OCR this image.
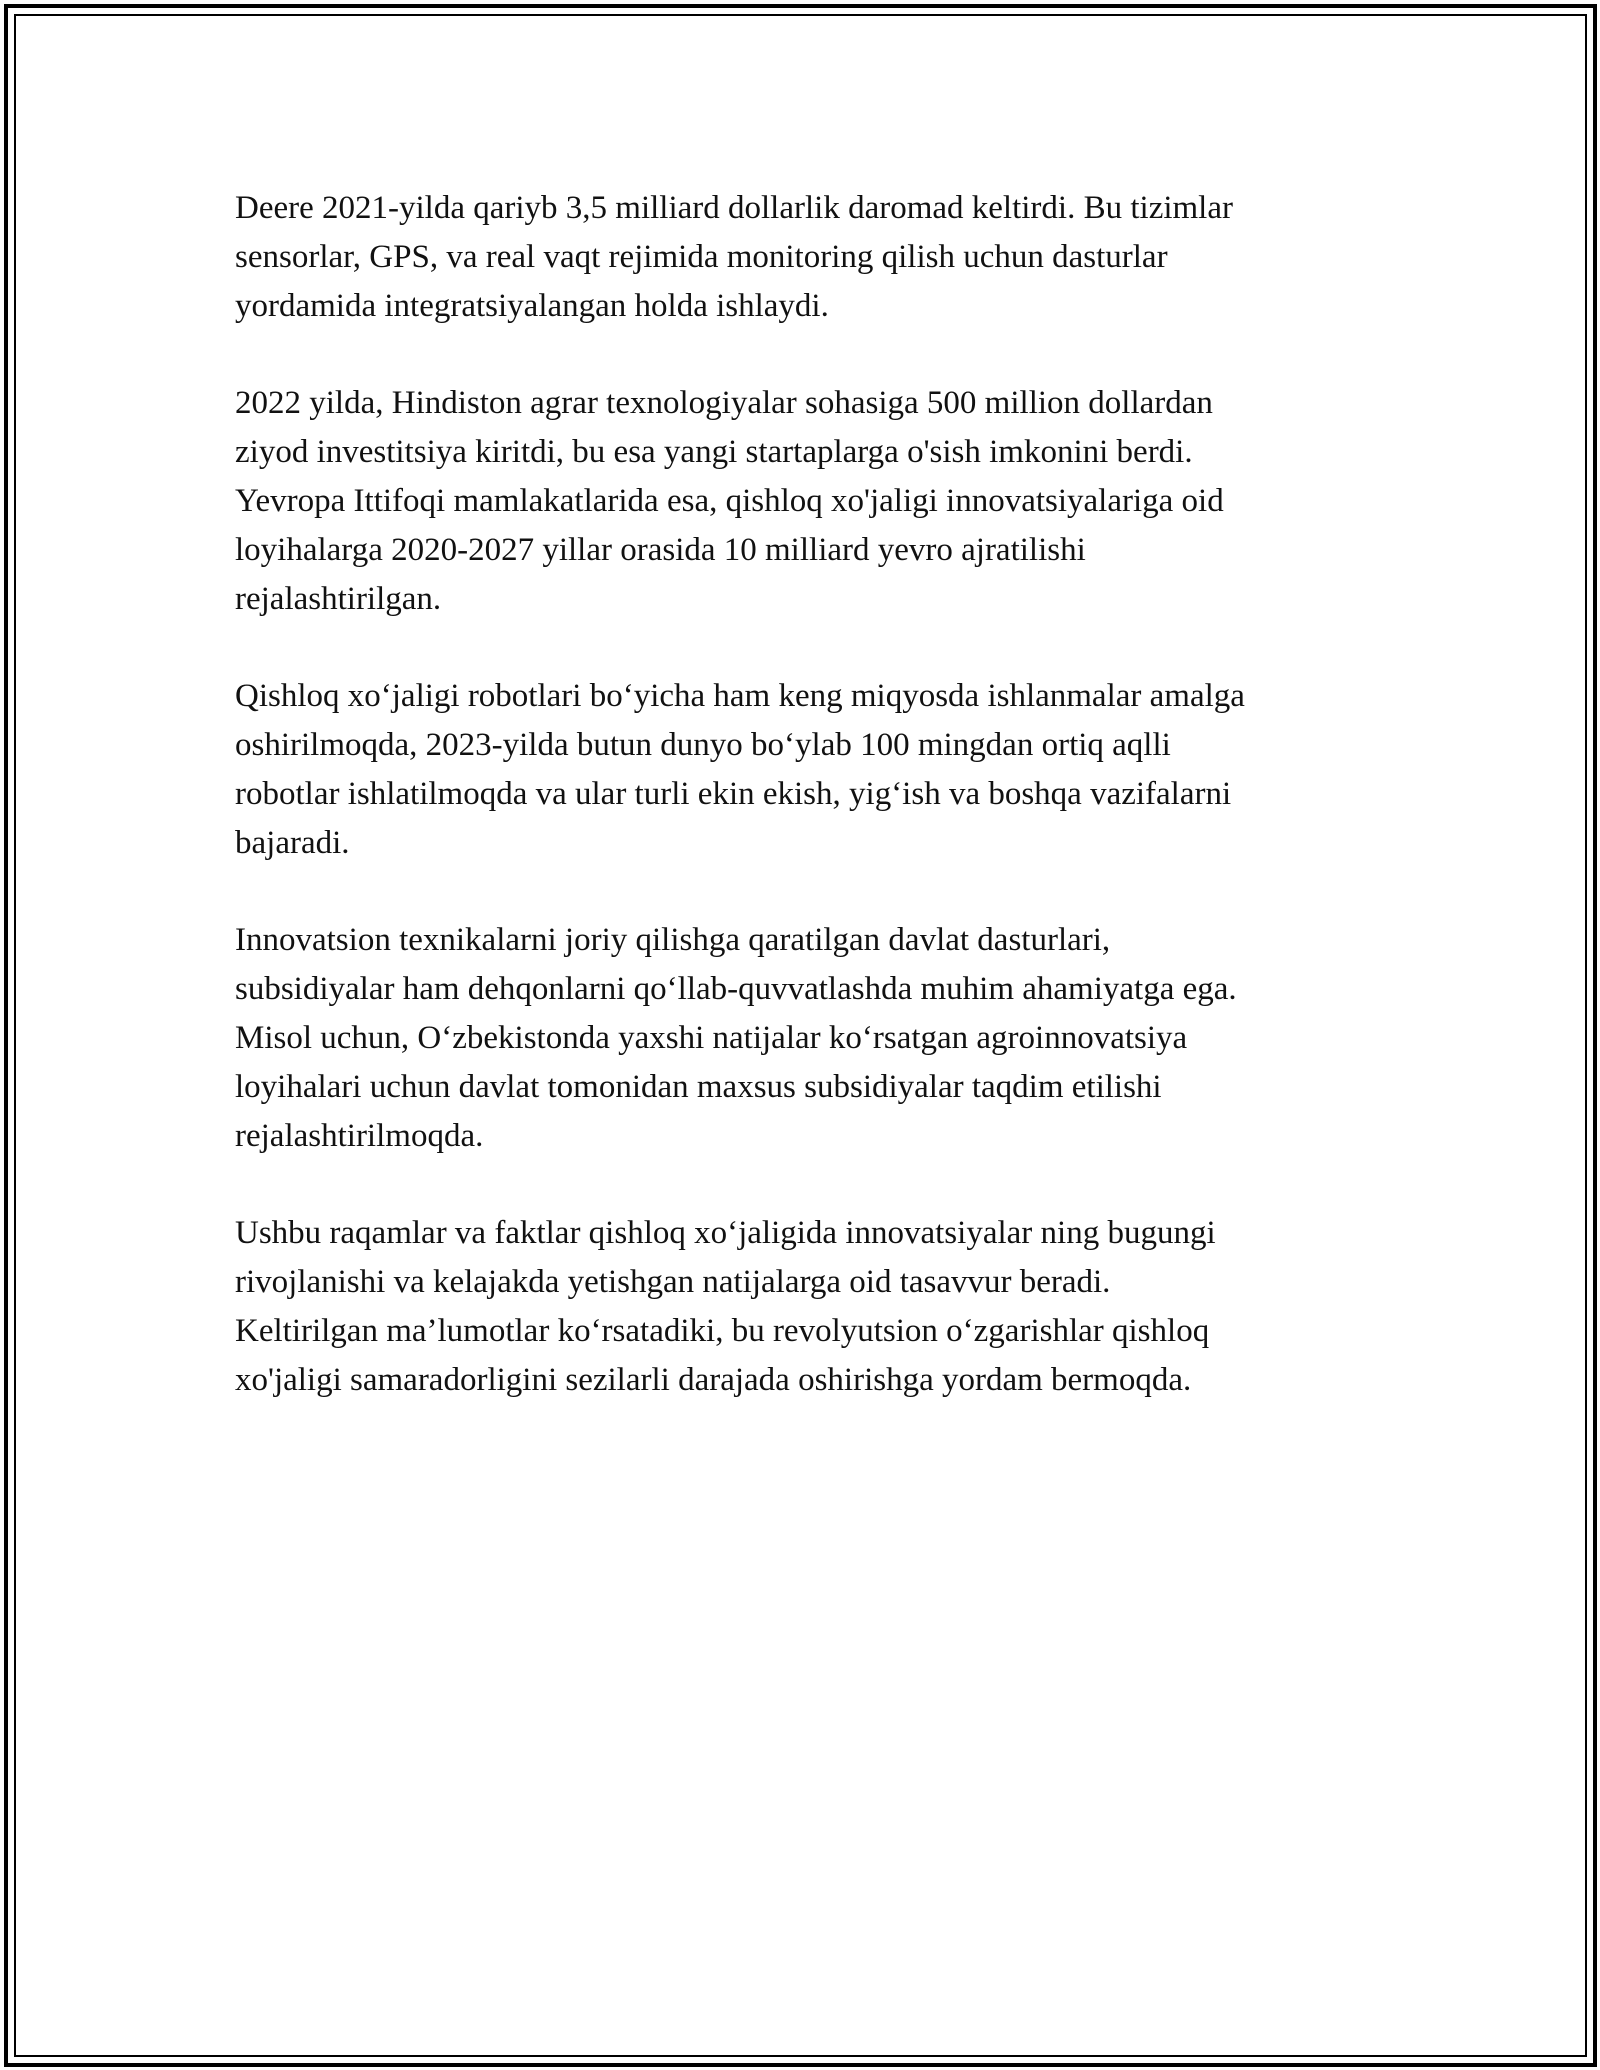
Deere 2021-yilda qariyb 3,5 milliard dollarlik daromad keltirdi. Bu tizimlar
sensorlar, GPS, va real vaqt rejimida monitoring qilish uchun dasturlar
yordamida integratsiyalangan holda ishlaydi.

2022 yilda, Hindiston agrar texnologiyalar sohasiga 500 million dollardan
ziyod investitsiya kiritdi, bu esa yangi startaplarga o'sish imkonini berdi.
Yevropa Ittifoqi mamlakatlarida esa, qishloq xo'jaligi innovatsiyalariga oid
loyihalarga 2020-2027 yillar orasida 10 milliard yevro ajratilishi
rejalashtirilgan.

Qishloq xo‘jaligi robotlari bo‘yicha ham keng miqyosda ishlanmalar amalga
oshirilmoqda, 2023-yilda butun dunyo bo‘ylab 100 mingdan ortiq aqlli
robotlar ishlatilmoqda va ular turli ekin ekish, yig‘ish va boshqa vazifalarni
bajaradi.

Innovatsion texnikalarni joriy qilishga qaratilgan davlat dasturlari,
subsidiyalar ham dehqonlarni qo‘llab-quvvatlashda muhim ahamiyatga ega.
Misol uchun, O‘zbekistonda yaxshi natijalar ko‘rsatgan agroinnovatsiya
loyihalari uchun davlat tomonidan maxsus subsidiyalar taqdim etilishi
rejalashtirilmoqda.

Ushbu raqamlar va faktlar qishloq xo‘jaligida innovatsiyalar ning bugungi
rivojlanishi va kelajakda yetishgan natijalarga oid tasavvur beradi.
Keltirilgan ma’lumotlar ko‘rsatadiki, bu revolyutsion o‘zgarishlar qishloq
xo'jaligi samaradorligini sezilarli darajada oshirishga yordam bermoqda.
